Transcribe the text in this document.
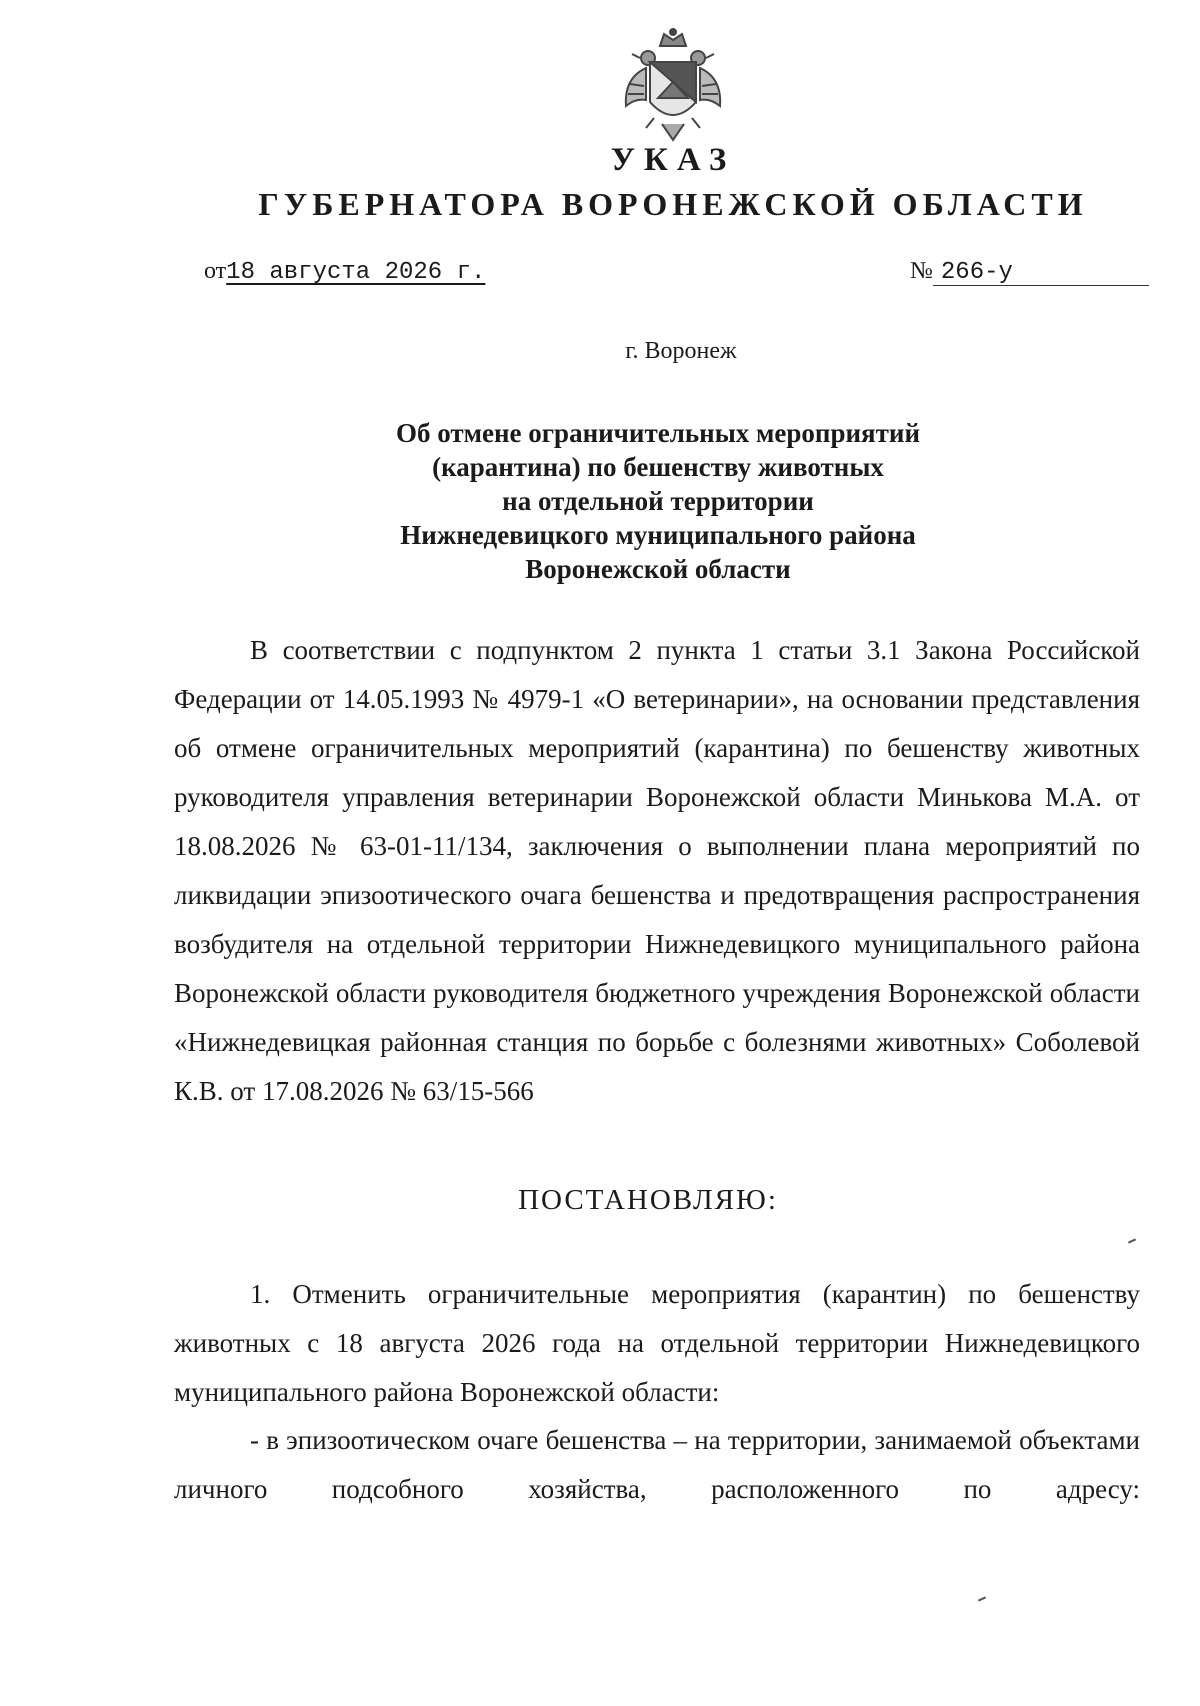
УКАЗ
ГУБЕРНАТОРА ВОРОНЕЖСКОЙ ОБЛАСТИ
от18 августа 2026 г.	№ 266-у
г. Воронеж
Об отмене ограничительных мероприятий
(карантина) по бешенству животных
на отдельной территории
Нижнедевицкого муниципального района
Воронежской области
В соответствии с подпунктом 2 пункта 1 статьи 3.1 Закона Российской Федерации от 14.05.1993 № 4979-1 «О ветеринарии», на основании представления об отмене ограничительных мероприятий (карантина) по бешенству животных руководителя управления ветеринарии Воронежской области Минькова М.А. от 18.08.2026 № 63-01-11/134, заключения о выполнении плана мероприятий по ликвидации эпизоотического очага бешенства и предотвращения распространения возбудителя на отдельной территории Нижнедевицкого муниципального района Воронежской области руководителя бюджетного учреждения Воронежской области «Нижнедевицкая районная станция по борьбе с болезнями животных» Соболевой К.В. от 17.08.2026 № 63/15-566
ПОСТАНОВЛЯЮ:
1. Отменить ограничительные мероприятия (карантин) по бешенству животных с 18 августа 2026 года на отдельной территории Нижнедевицкого муниципального района Воронежской области:
- в эпизоотическом очаге бешенства – на территории, занимаемой объектами личного подсобного хозяйства, расположенного по адресу:
